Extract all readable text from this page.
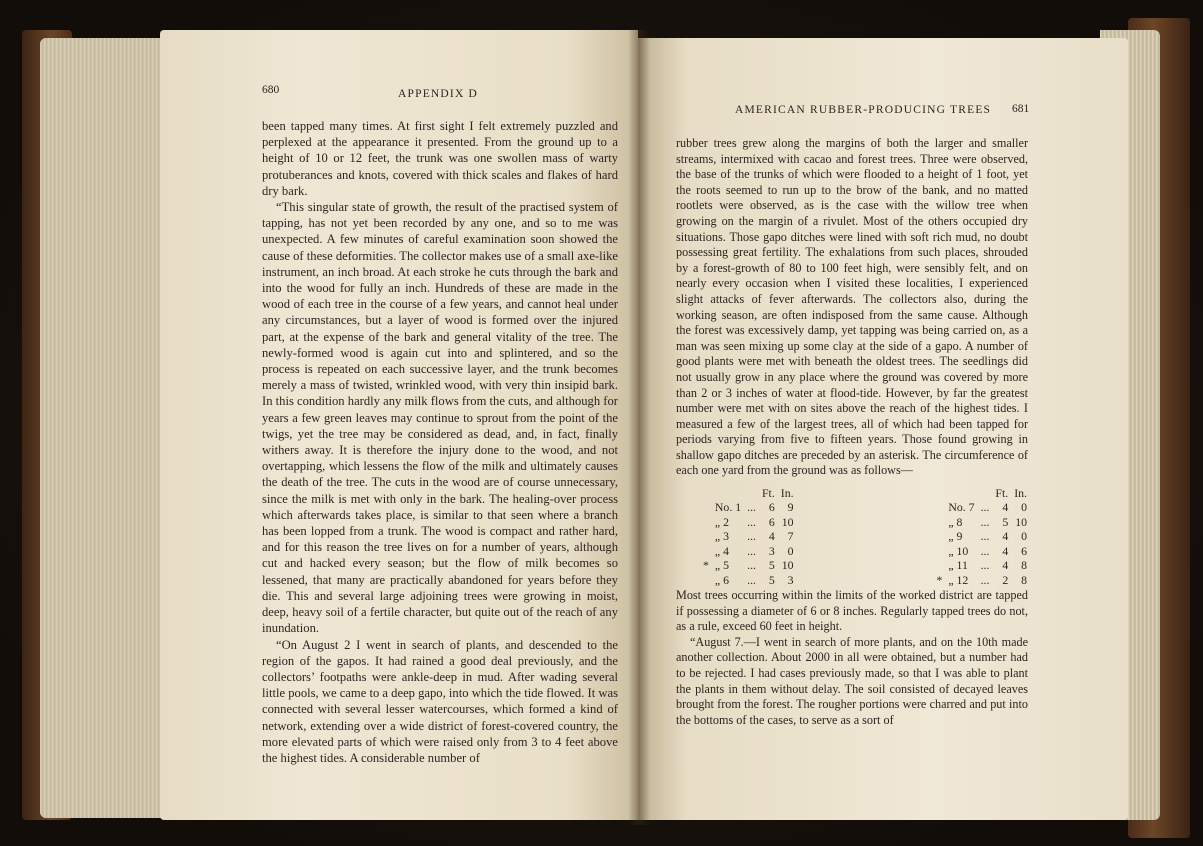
680	APPENDIX D

been tapped many times. At first sight I felt extremely puzzled and perplexed at the appearance it presented. From the ground up to a height of 10 or 12 feet, the trunk was one swollen mass of warty protuberances and knots, covered with thick scales and flakes of hard dry bark.

“This singular state of growth, the result of the practised system of tapping, has not yet been recorded by any one, and so to me was unexpected. A few minutes of careful examination soon showed the cause of these deformities. The collector makes use of a small axe-like instrument, an inch broad. At each stroke he cuts through the bark and into the wood for fully an inch. Hundreds of these are made in the wood of each tree in the course of a few years, and cannot heal under any circumstances, but a layer of wood is formed over the injured part, at the expense of the bark and general vitality of the tree. The newly-formed wood is again cut into and splintered, and so the process is repeated on each successive layer, and the trunk becomes merely a mass of twisted, wrinkled wood, with very thin insipid bark. In this condition hardly any milk flows from the cuts, and although for years a few green leaves may continue to sprout from the point of the twigs, yet the tree may be considered as dead, and, in fact, finally withers away. It is therefore the injury done to the wood, and not overtapping, which lessens the flow of the milk and ultimately causes the death of the tree. The cuts in the wood are of course unnecessary, since the milk is met with only in the bark. The healing-over process which afterwards takes place, is similar to that seen where a branch has been lopped from a trunk. The wood is compact and rather hard, and for this reason the tree lives on for a number of years, although cut and hacked every season; but the flow of milk becomes so lessened, that many are practically abandoned for years before they die. This and several large adjoining trees were growing in moist, deep, heavy soil of a fertile character, but quite out of the reach of any inundation.

“On August 2 I went in search of plants, and descended to the region of the gapos. It had rained a good deal previously, and the collectors’ footpaths were ankle-deep in mud. After wading several little pools, we came to a deep gapo, into which the tide flowed. It was connected with several lesser watercourses, which formed a kind of network, extending over a wide district of forest-covered country, the more elevated parts of which were raised only from 3 to 4 feet above the highest tides. A considerable number of

AMERICAN RUBBER-PRODUCING TREES 681

rubber trees grew along the margins of both the larger and smaller streams, intermixed with cacao and forest trees. Three were observed, the base of the trunks of which were flooded to a height of 1 foot, yet the roots seemed to run up to the brow of the bank, and no matted rootlets were observed, as is the case with the willow tree when growing on the margin of a rivulet. Most of the others occupied dry situations. Those gapo ditches were lined with soft rich mud, no doubt possessing great fertility. The exhalations from such places, shrouded by a forest-growth of 80 to 100 feet high, were sensibly felt, and on nearly every occasion when I visited these localities, I experienced slight attacks of fever afterwards. The collectors also, during the working season, are often indisposed from the same cause. Although the forest was excessively damp, yet tapping was being carried on, as a man was seen mixing up some clay at the side of a gapo. A number of good plants were met with beneath the oldest trees. The seedlings did not usually grow in any place where the ground was covered by more than 2 or 3 inches of water at flood-tide. However, by far the greatest number were met with on sites above the reach of the highest tides. I measured a few of the largest trees, all of which had been tapped for periods varying from five to fifteen years. Those found growing in shallow gapo ditches are preceded by an asterisk. The circumference of each one yard from the ground was as follows—

			Ft.	In.
	No. 1	...	6	9
	„ 2	...	6	10
	„ 3	...	4	7
	„ 4	...	3	0
*	„ 5	...	5	10
	„ 6	...	5	3
			Ft.	In.
	No. 7	...	4	0
	„ 8	...	5	10
	„ 9	...	4	0
	„ 10	...	4	6
	„ 11	...	4	8
*	„ 12	...	2	8

Most trees occurring within the limits of the worked district are tapped if possessing a diameter of 6 or 8 inches. Regularly tapped trees do not, as a rule, exceed 60 feet in height.

“August 7.—I went in search of more plants, and on the 10th made another collection. About 2000 in all were obtained, but a number had to be rejected. I had cases previously made, so that I was able to plant the plants in them without delay. The soil consisted of decayed leaves brought from the forest. The rougher portions were charred and put into the bottoms of the cases, to serve as a sort of
